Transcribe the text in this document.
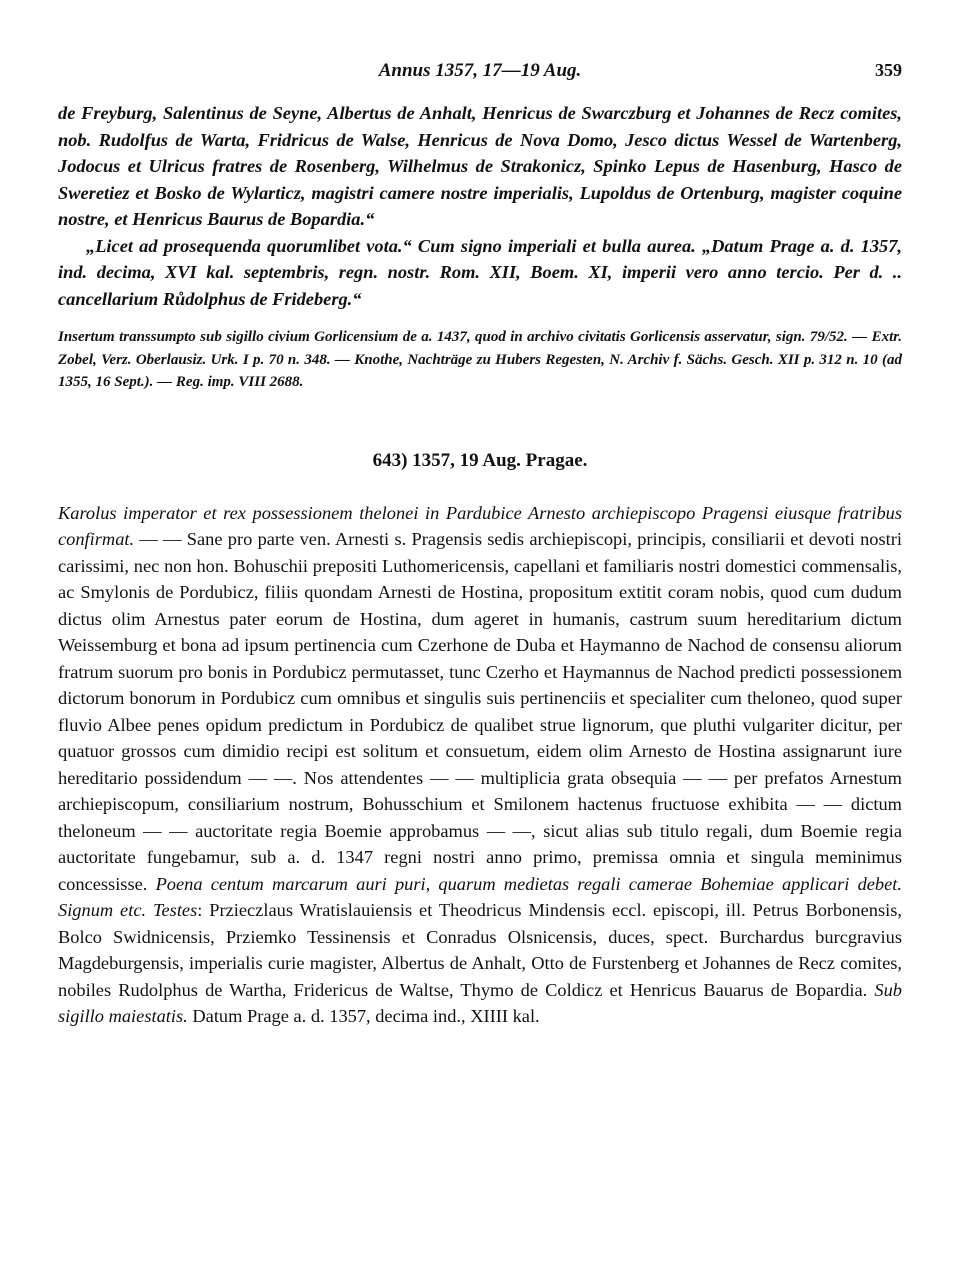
Annus 1357, 17—19 Aug.	359

de Freyburg, Salentinus de Seyne, Albertus de Anhalt, Henricus de Swarczburg et Johannes de Recz comites, nob. Rudolfus de Warta, Fridricus de Walse, Henricus de Nova Domo, Jesco dictus Wessel de Wartenberg, Jodocus et Ulricus fratres de Rosenberg, Wilhelmus de Strakonicz, Spinko Lepus de Hasenburg, Hasco de Sweretiez et Bosko de Wylarticz, magistri camere nostre imperialis, Lupoldus de Ortenburg, magister coquine nostre, et Henricus Baurus de Bopardia.“

„Licet ad prosequenda quorumlibet vota.“ Cum signo imperiali et bulla aurea. „Datum Prage a. d. 1357, ind. decima, XVI kal. septembris, regn. nostr. Rom. XII, Boem. XI, imperii vero anno tercio. Per d. .. cancellarium Růdolphus de Frideberg.“

Insertum transsumpto sub sigillo civium Gorlicensium de a. 1437, quod in archivo civitatis Gorlicensis asservatur, sign. 79/52. — Extr. Zobel, Verz. Oberlausiz. Urk. I p. 70 n. 348. — Knothe, Nachträge zu Hubers Regesten, N. Archiv f. Sächs. Gesch. XII p. 312 n. 10 (ad 1355, 16 Sept.). — Reg. imp. VIII 2688.

643) 1357, 19 Aug. Pragae.

Karolus imperator et rex possessionem thelonei in Pardubice Arnesto archiepiscopo Pragensi eiusque fratribus confirmat. — — Sane pro parte ven. Arnesti s. Pragensis sedis archiepiscopi, principis, consiliarii et devoti nostri carissimi, nec non hon. Bohuschii prepositi Luthomericensis, capellani et familiaris nostri domestici commensalis, ac Smylonis de Pordubicz, filiis quondam Arnesti de Hostina, propositum extitit coram nobis, quod cum dudum dictus olim Arnestus pater eorum de Hostina, dum ageret in humanis, castrum suum hereditarium dictum Weissemburg et bona ad ipsum pertinencia cum Czerhone de Duba et Haymanno de Nachod de consensu aliorum fratrum suorum pro bonis in Pordubicz permutasset, tunc Czerho et Haymannus de Nachod predicti possessionem dictorum bonorum in Pordubicz cum omnibus et singulis suis pertinenciis et specialiter cum theloneo, quod super fluvio Albee penes opidum predictum in Pordubicz de qualibet strue lignorum, que pluthi vulgariter dicitur, per quatuor grossos cum dimidio recipi est solitum et consuetum, eidem olim Arnesto de Hostina assignarunt iure hereditario possidendum — —. Nos attendentes — — multiplicia grata obsequia — — per prefatos Arnestum archiepiscopum, consiliarium nostrum, Bohusschium et Smilonem hactenus fructuose exhibita — — dictum theloneum — — auctoritate regia Boemie approbamus — —, sicut alias sub titulo regali, dum Boemie regia auctoritate fungebamur, sub a. d. 1347 regni nostri anno primo, premissa omnia et singula meminimus concessisse. Poena centum marcarum auri puri, quarum medietas regali camerae Bohemiae applicari debet. Signum etc. Testes: Przieczlaus Wratislauiensis et Theodricus Mindensis eccl. episcopi, ill. Petrus Borbonensis, Bolco Swidnicensis, Prziemko Tessinensis et Conradus Olsnicensis, duces, spect. Burchardus burcgravius Magdeburgensis, imperialis curie magister, Albertus de Anhalt, Otto de Furstenberg et Johannes de Recz comites, nobiles Rudolphus de Wartha, Fridericus de Waltse, Thymo de Coldicz et Henricus Bauarus de Bopardia. Sub sigillo maiestatis. Datum Prage a. d. 1357, decima ind., XIIII kal.
